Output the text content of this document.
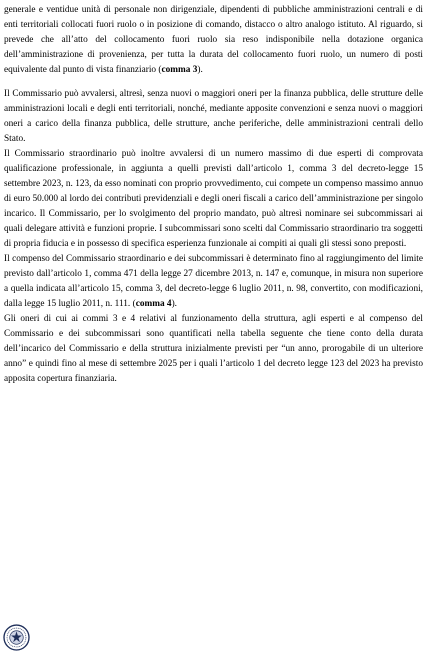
generale e ventidue unità di personale non dirigenziale, dipendenti di pubbliche amministrazioni centrali e di enti territoriali collocati fuori ruolo o in posizione di comando, distacco o altro analogo istituto. Al riguardo, si prevede che all’atto del collocamento fuori ruolo sia reso indisponibile nella dotazione organica dell’amministrazione di provenienza, per tutta la durata del collocamento fuori ruolo, un numero di posti equivalente dal punto di vista finanziario (comma 3).

Il Commissario può avvalersi, altresì, senza nuovi o maggiori oneri per la finanza pubblica, delle strutture delle amministrazioni locali e degli enti territoriali, nonché, mediante apposite convenzioni e senza nuovi o maggiori oneri a carico della finanza pubblica, delle strutture, anche periferiche, delle amministrazioni centrali dello Stato.

Il Commissario straordinario può inoltre avvalersi di un numero massimo di due esperti di comprovata qualificazione professionale, in aggiunta a quelli previsti dall’articolo 1, comma 3 del decreto-legge 15 settembre 2023, n. 123, da esso nominati con proprio provvedimento, cui compete un compenso massimo annuo di euro 50.000 al lordo dei contributi previdenziali e degli oneri fiscali a carico dell’amministrazione per singolo incarico. Il Commissario, per lo svolgimento del proprio mandato, può altresì nominare sei subcommissari ai quali delegare attività e funzioni proprie. I subcommissari sono scelti dal Commissario straordinario tra soggetti di propria fiducia e in possesso di specifica esperienza funzionale ai compiti ai quali gli stessi sono preposti.

Il compenso del Commissario straordinario e dei subcommissari è determinato fino al raggiungimento del limite previsto dall’articolo 1, comma 471 della legge 27 dicembre 2013, n. 147 e, comunque, in misura non superiore a quella indicata all’articolo 15, comma 3, del decreto-legge 6 luglio 2011, n. 98, convertito, con modificazioni, dalla legge 15 luglio 2011, n. 111. (comma 4).

Gli oneri di cui ai commi 3 e 4 relativi al funzionamento della struttura, agli esperti e al compenso del Commissario e dei subcommissari sono quantificati nella tabella seguente che tiene conto della durata dell’incarico del Commissario e della struttura inizialmente previsti per “un anno, prorogabile di un ulteriore anno” e quindi fino al mese di settembre 2025 per i quali l’articolo 1 del decreto legge 123 del 2023 ha previsto apposita copertura finanziaria.
